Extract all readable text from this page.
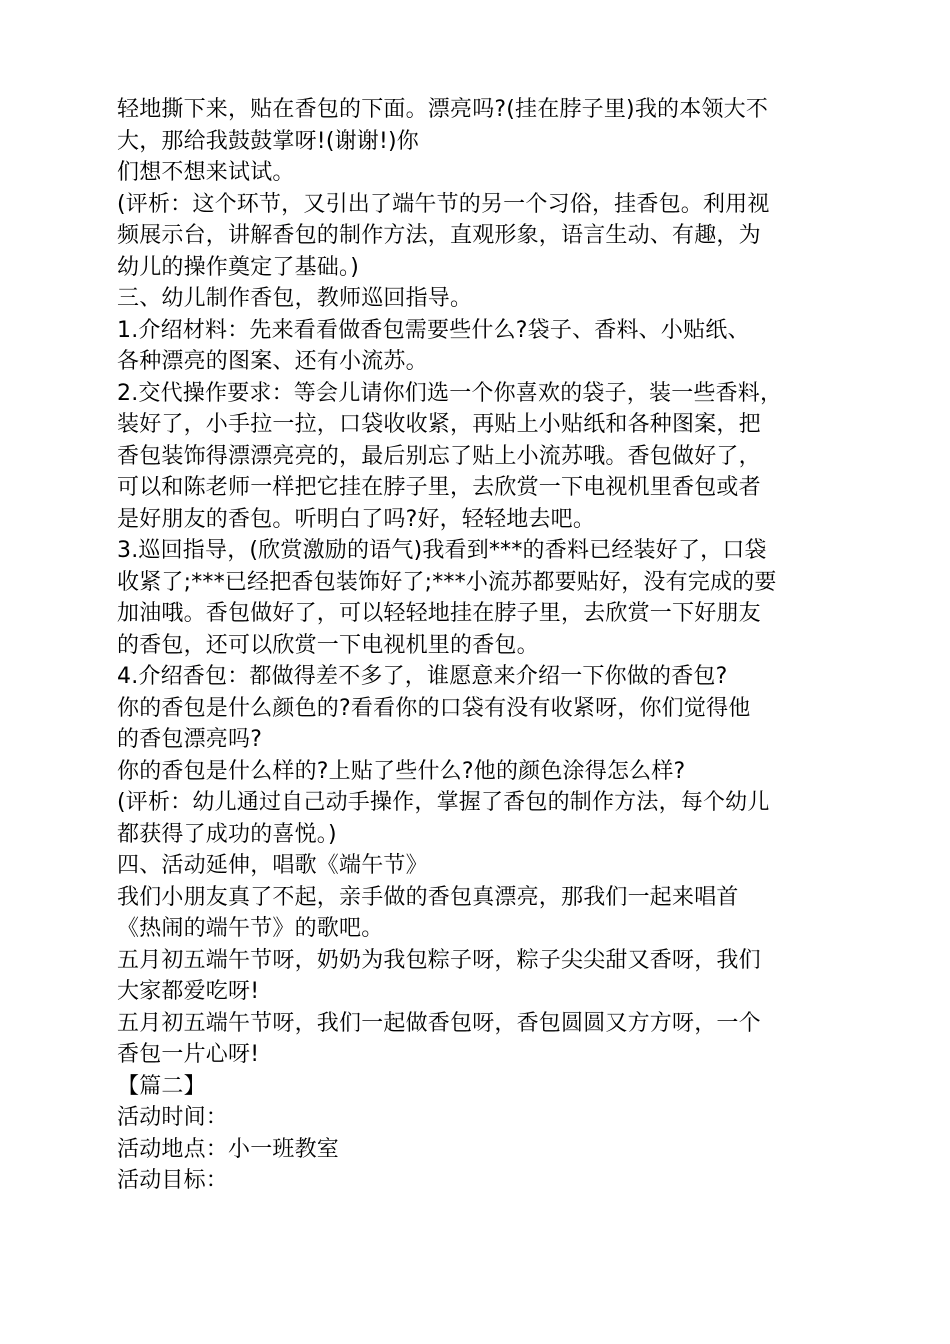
轻地撕下来，贴在香包的下面。漂亮吗?(挂在脖子里)我的本领大不
大，那给我鼓鼓掌呀!(谢谢!)你
们想不想来试试。
(评析：这个环节，又引出了端午节的另一个习俗，挂香包。利用视
频展示台，讲解香包的制作方法，直观形象，语言生动、有趣，为
幼儿的操作奠定了基础。)
三、幼儿制作香包，教师巡回指导。
1.介绍材料：先来看看做香包需要些什么?袋子、香料、小贴纸、
各种漂亮的图案、还有小流苏。
2.交代操作要求：等会儿请你们选一个你喜欢的袋子，装一些香料，
装好了，小手拉一拉，口袋收收紧，再贴上小贴纸和各种图案，把
香包装饰得漂漂亮亮的，最后别忘了贴上小流苏哦。香包做好了，
可以和陈老师一样把它挂在脖子里，去欣赏一下电视机里香包或者
是好朋友的香包。听明白了吗?好，轻轻地去吧。
3.巡回指导，(欣赏激励的语气)我看到***的香料已经装好了，口袋
收紧了;***已经把香包装饰好了;***小流苏都要贴好，没有完成的要
加油哦。香包做好了，可以轻轻地挂在脖子里，去欣赏一下好朋友
的香包，还可以欣赏一下电视机里的香包。
4.介绍香包：都做得差不多了，谁愿意来介绍一下你做的香包?
你的香包是什么颜色的?看看你的口袋有没有收紧呀，你们觉得他
的香包漂亮吗?
你的香包是什么样的?上贴了些什么?他的颜色涂得怎么样?
(评析：幼儿通过自己动手操作，掌握了香包的制作方法，每个幼儿
都获得了成功的喜悦。)
四、活动延伸，唱歌《端午节》
我们小朋友真了不起，亲手做的香包真漂亮，那我们一起来唱首
《热闹的端午节》的歌吧。
五月初五端午节呀，奶奶为我包粽子呀，粽子尖尖甜又香呀，我们
大家都爱吃呀!
五月初五端午节呀，我们一起做香包呀，香包圆圆又方方呀，一个
香包一片心呀!
【篇二】
活动时间：
活动地点：小一班教室
活动目标：
